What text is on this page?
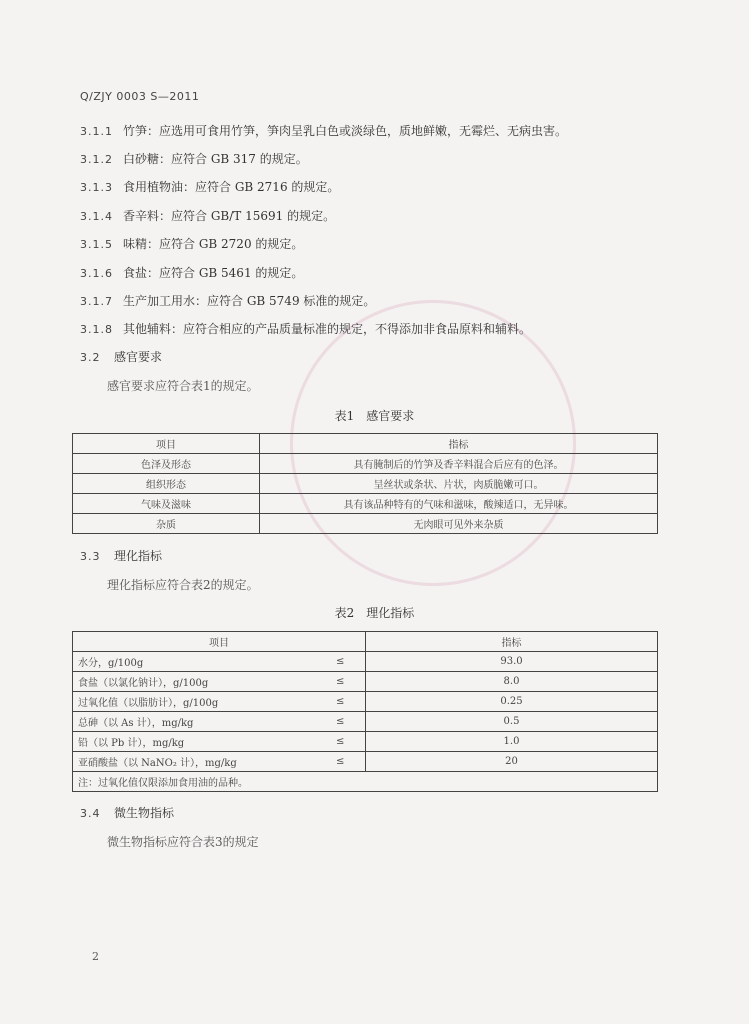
Q/ZJY 0003 S—2011
3.1.1 竹笋：应选用可食用竹笋，笋肉呈乳白色或淡绿色，质地鲜嫩，无霉烂、无病虫害。
3.1.2 白砂糖：应符合 GB 317 的规定。
3.1.3 食用植物油：应符合 GB 2716 的规定。
3.1.4 香辛料：应符合 GB/T 15691 的规定。
3.1.5 味精：应符合 GB 2720 的规定。
3.1.6 食盐：应符合 GB 5461 的规定。
3.1.7 生产加工用水：应符合 GB 5749 标准的规定。
3.1.8 其他辅料：应符合相应的产品质量标准的规定，不得添加非食品原料和辅料。
3.2 感官要求
感官要求应符合表1的规定。
表1　感官要求
项目	指标
色泽及形态	具有腌制后的竹笋及香辛料混合后应有的色泽。
组织形态	呈丝状或条状、片状，肉质脆嫩可口。
气味及滋味	具有该品种特有的气味和滋味，酸辣适口，无异味。
杂质	无肉眼可见外来杂质
3.3 理化指标
理化指标应符合表2的规定。
表2　理化指标
项目		指标
水分，g/100g	≤	93.0
食盐（以氯化钠计），g/100g	≤	8.0
过氧化值（以脂肪计），g/100g	≤	0.25
总砷（以 As 计），mg/kg	≤	0.5
铅（以 Pb 计），mg/kg	≤	1.0
亚硝酸盐（以 NaNO₂ 计），mg/kg	≤	20
注：过氧化值仅限添加食用油的品种。		
3.4 微生物指标
微生物指标应符合表3的规定
2
